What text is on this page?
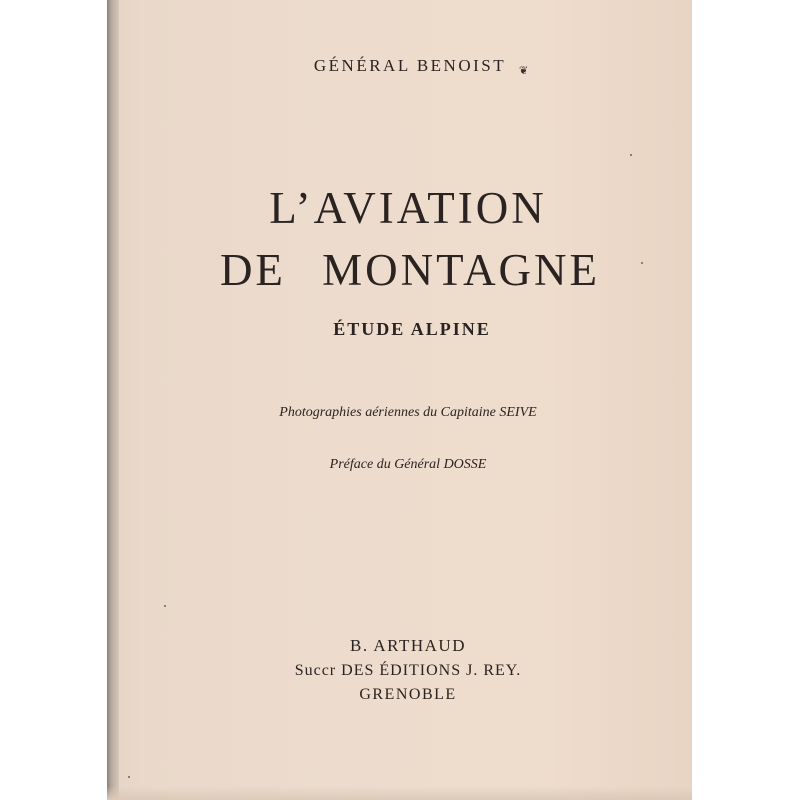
GÉNÉRAL BENOIST	❦
L’AVIATION
DE MONTAGNE
ÉTUDE ALPINE
Photographies aériennes du Capitaine SEIVE
Préface du Général DOSSE
B. ARTHAUD
Succr DES ÉDITIONS J. REY.
GRENOBLE
